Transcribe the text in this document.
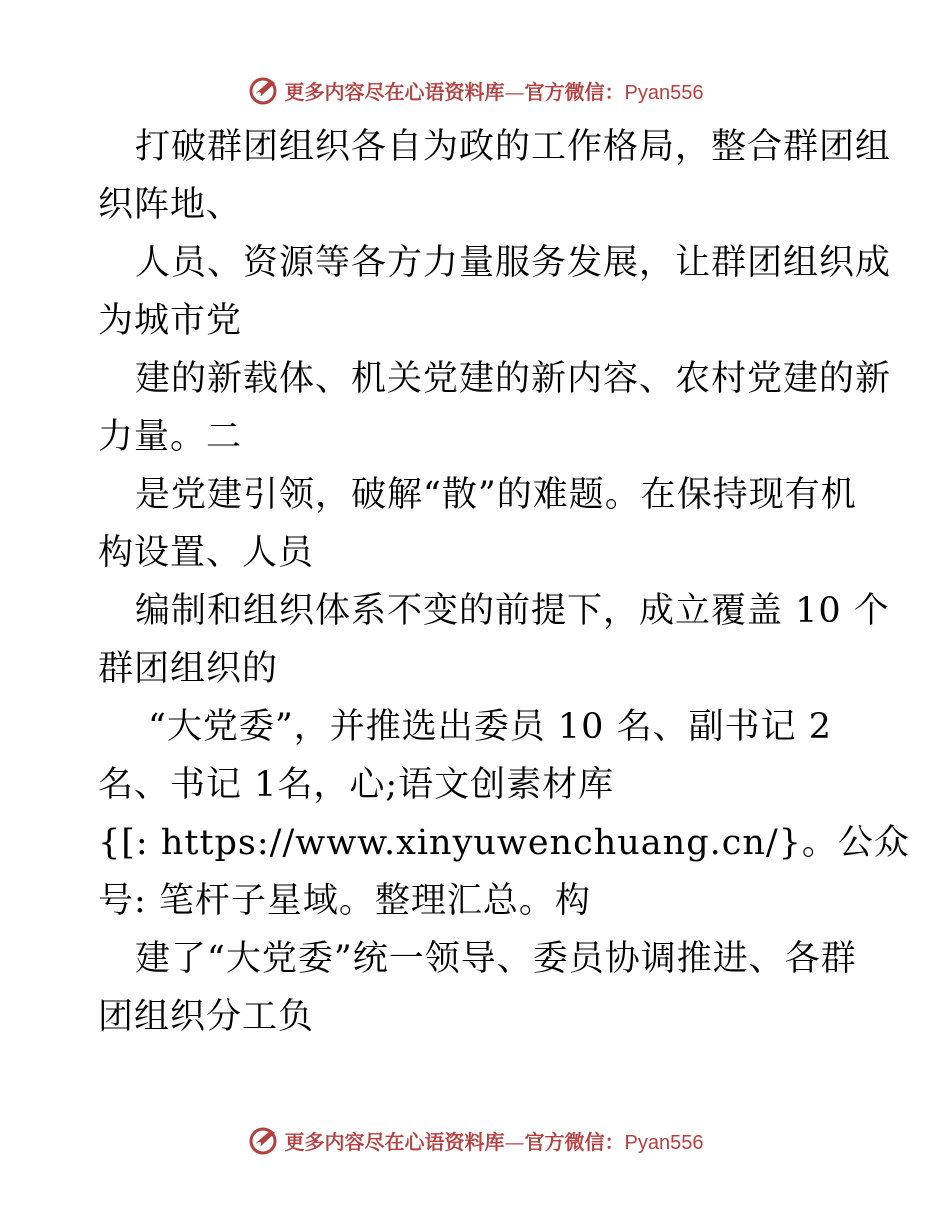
更多内容尽在心语资料库—官方微信：Pyan556
打破群团组织各自为政的工作格局，整合群团组
织阵地、
人员、资源等各方力量服务发展，让群团组织成
为城市党
建的新载体、机关党建的新内容、农村党建的新
力量。二
是党建引领，破解“散”的难题。在保持现有机
构设置、人员
编制和组织体系不变的前提下，成立覆盖 10 个
群团组织的
“大党委”，并推选出委员 10 名、副书记 2
名、书记 1名，心;语文创素材库
{[: https://www.xinyuwenchuang.cn/}。公众
号: 笔杆子星域。整理汇总。构
建了“大党委”统一领导、委员协调推进、各群
团组织分工负
更多内容尽在心语资料库—官方微信：Pyan556
